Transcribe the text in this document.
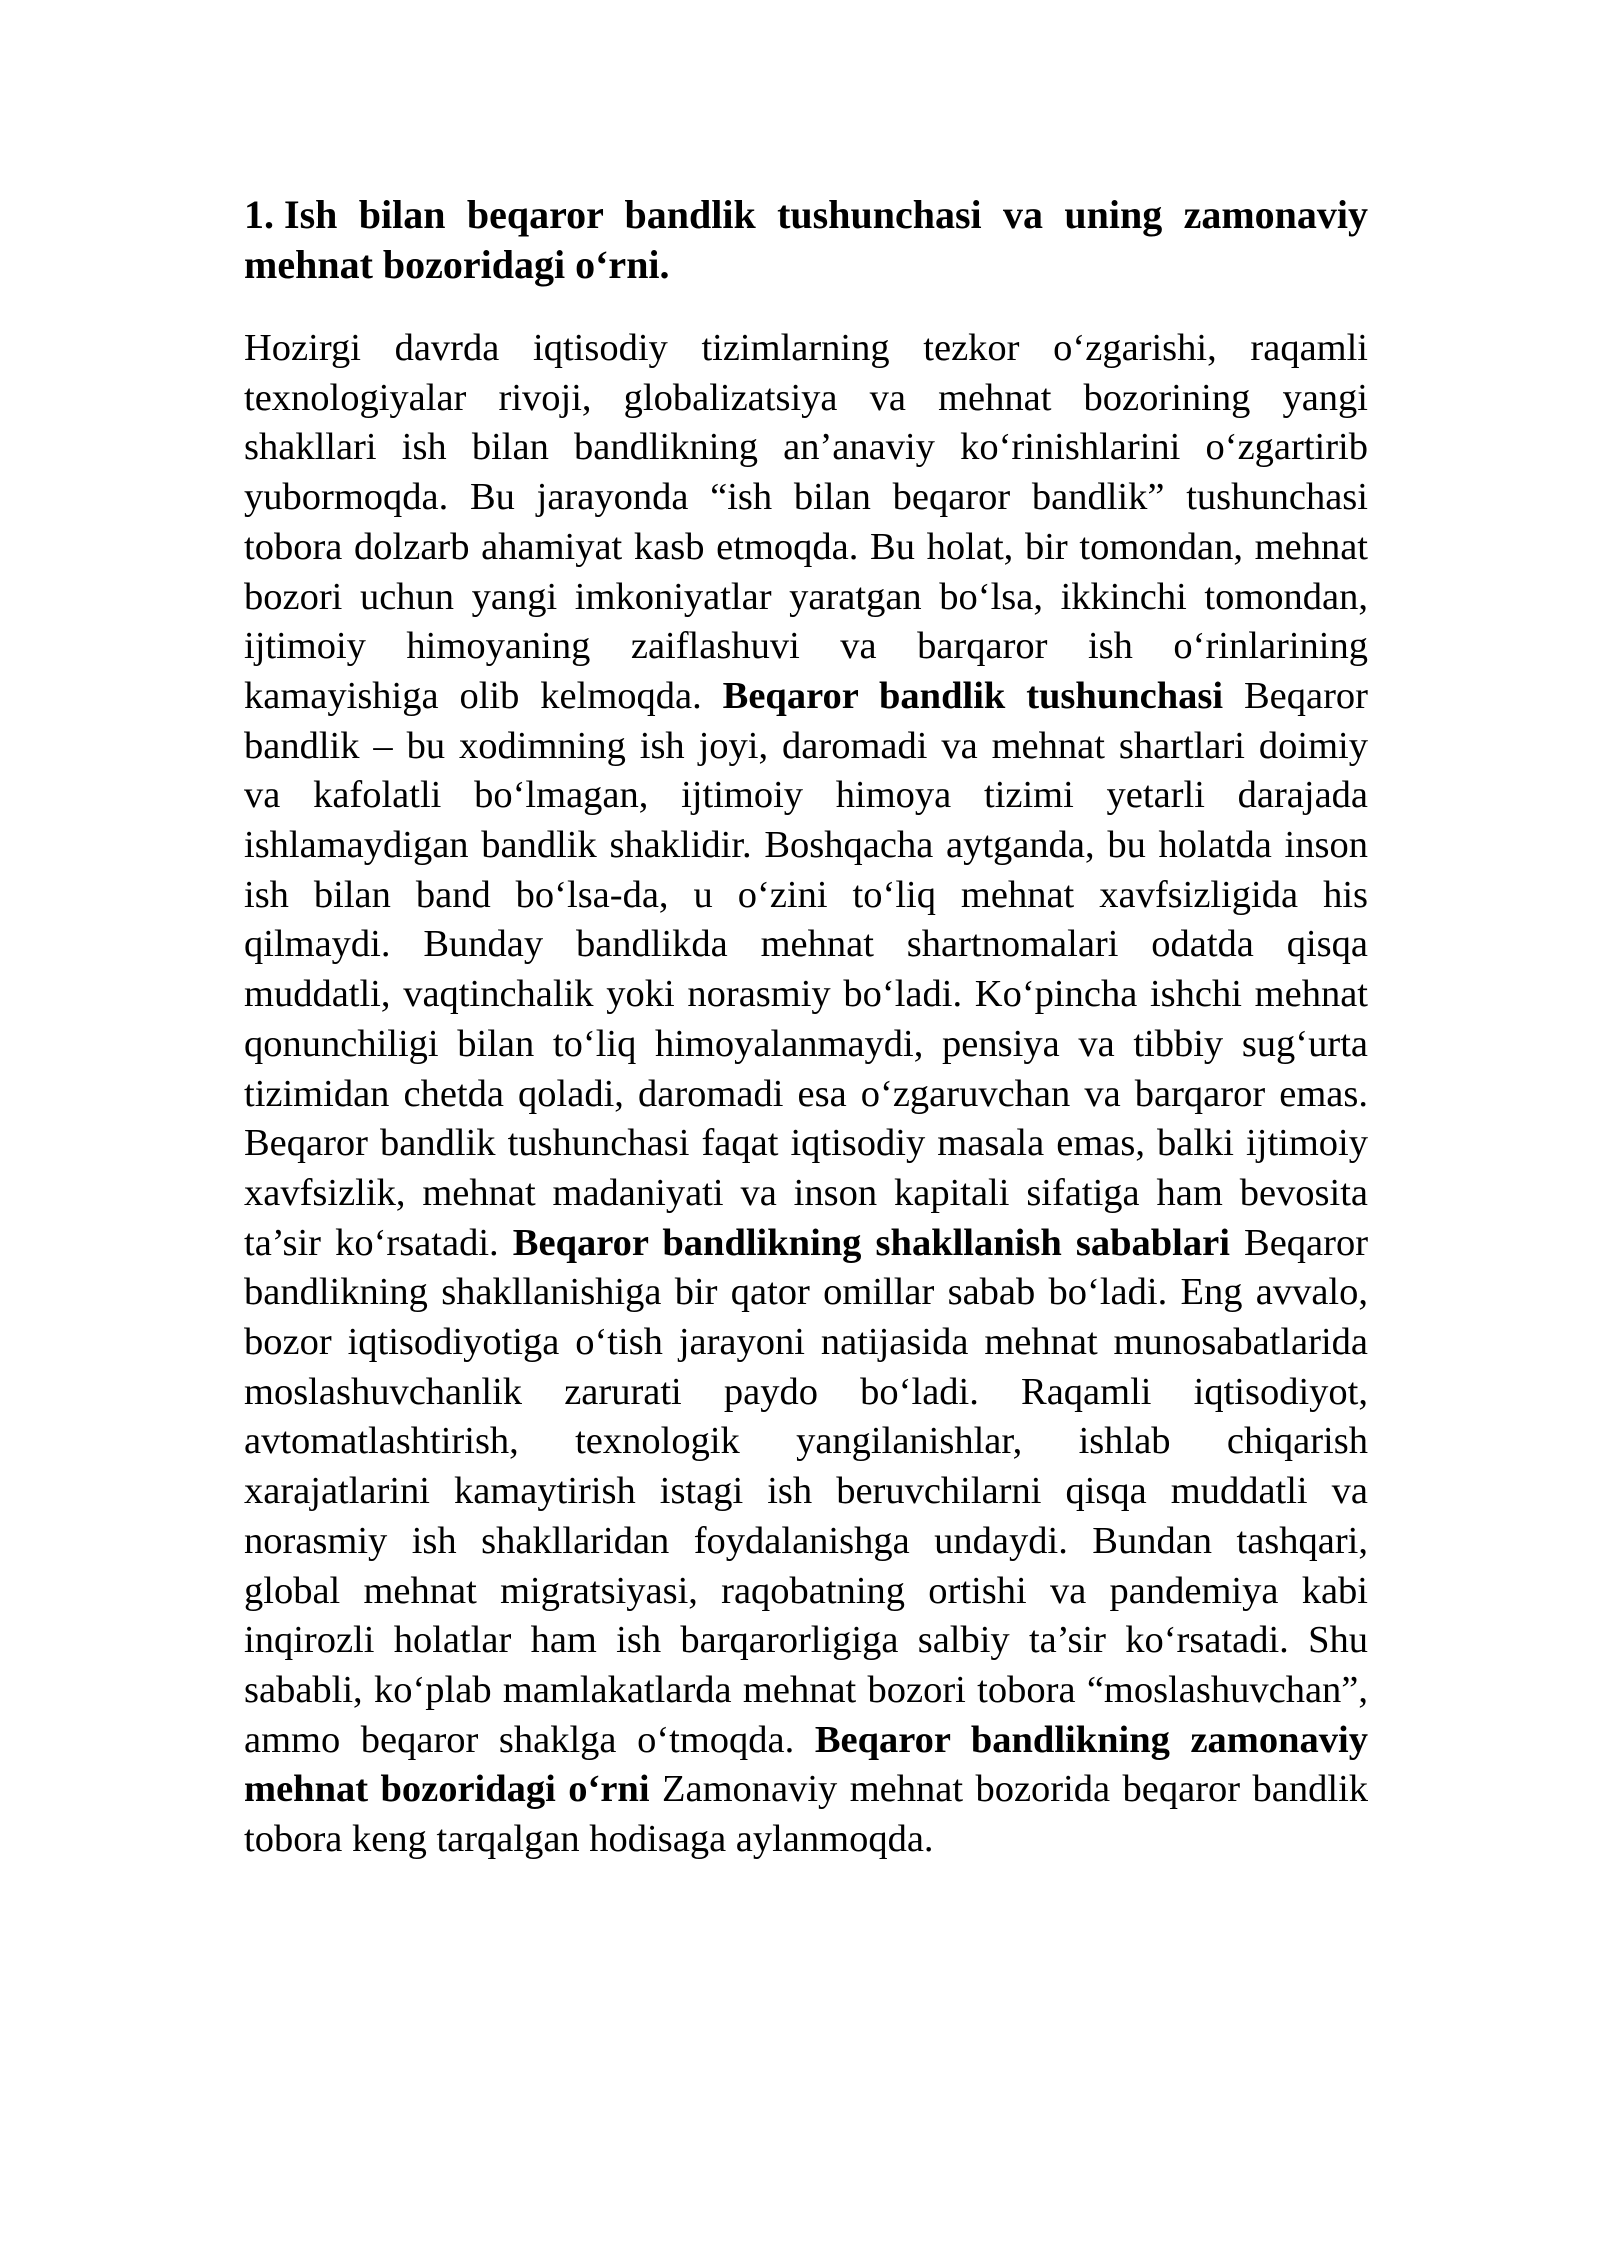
1. Ish bilan beqaror bandlik tushunchasi va uning zamonaviy mehnat bozoridagi o‘rni.

Hozirgi davrda iqtisodiy tizimlarning tezkor o‘zgarishi, raqamli texnologiyalar rivoji, globalizatsiya va mehnat bozorining yangi shakllari ish bilan bandlikning an’anaviy ko‘rinishlarini o‘zgartirib yubormoqda. Bu jarayonda “ish bilan beqaror bandlik” tushunchasi tobora dolzarb ahamiyat kasb etmoqda. Bu holat, bir tomondan, mehnat bozori uchun yangi imkoniyatlar yaratgan bo‘lsa, ikkinchi tomondan, ijtimoiy himoyaning zaiflashuvi va barqaror ish o‘rinlarining kamayishiga olib kelmoqda. Beqaror bandlik tushunchasi Beqaror bandlik – bu xodimning ish joyi, daromadi va mehnat shartlari doimiy va kafolatli bo‘lmagan, ijtimoiy himoya tizimi yetarli darajada ishlamaydigan bandlik shaklidir. Boshqacha aytganda, bu holatda inson ish bilan band bo‘lsa-da, u o‘zini to‘liq mehnat xavfsizligida his qilmaydi. Bunday bandlikda mehnat shartnomalari odatda qisqa muddatli, vaqtinchalik yoki norasmiy bo‘ladi. Ko‘pincha ishchi mehnat qonunchiligi bilan to‘liq himoyalanmaydi, pensiya va tibbiy sug‘urta tizimidan chetda qoladi, daromadi esa o‘zgaruvchan va barqaror emas. Beqaror bandlik tushunchasi faqat iqtisodiy masala emas, balki ijtimoiy xavfsizlik, mehnat madaniyati va inson kapitali sifatiga ham bevosita ta’sir ko‘rsatadi. Beqaror bandlikning shakllanish sabablari Beqaror bandlikning shakllanishiga bir qator omillar sabab bo‘ladi. Eng avvalo, bozor iqtisodiyotiga o‘tish jarayoni natijasida mehnat munosabatlarida moslashuvchanlik zarurati paydo bo‘ladi. Raqamli iqtisodiyot, avtomatlashtirish, texnologik yangilanishlar, ishlab chiqarish xarajatlarini kamaytirish istagi ish beruvchilarni qisqa muddatli va norasmiy ish shakllaridan foydalanishga undaydi. Bundan tashqari, global mehnat migratsiyasi, raqobatning ortishi va pandemiya kabi inqirozli holatlar ham ish barqarorligiga salbiy ta’sir ko‘rsatadi. Shu sababli, ko‘plab mamlakatlarda mehnat bozori tobora “moslashuvchan”, ammo beqaror shaklga o‘tmoqda. Beqaror bandlikning zamonaviy mehnat bozoridagi o‘rni Zamonaviy mehnat bozorida beqaror bandlik tobora keng tarqalgan hodisaga aylanmoqda.
